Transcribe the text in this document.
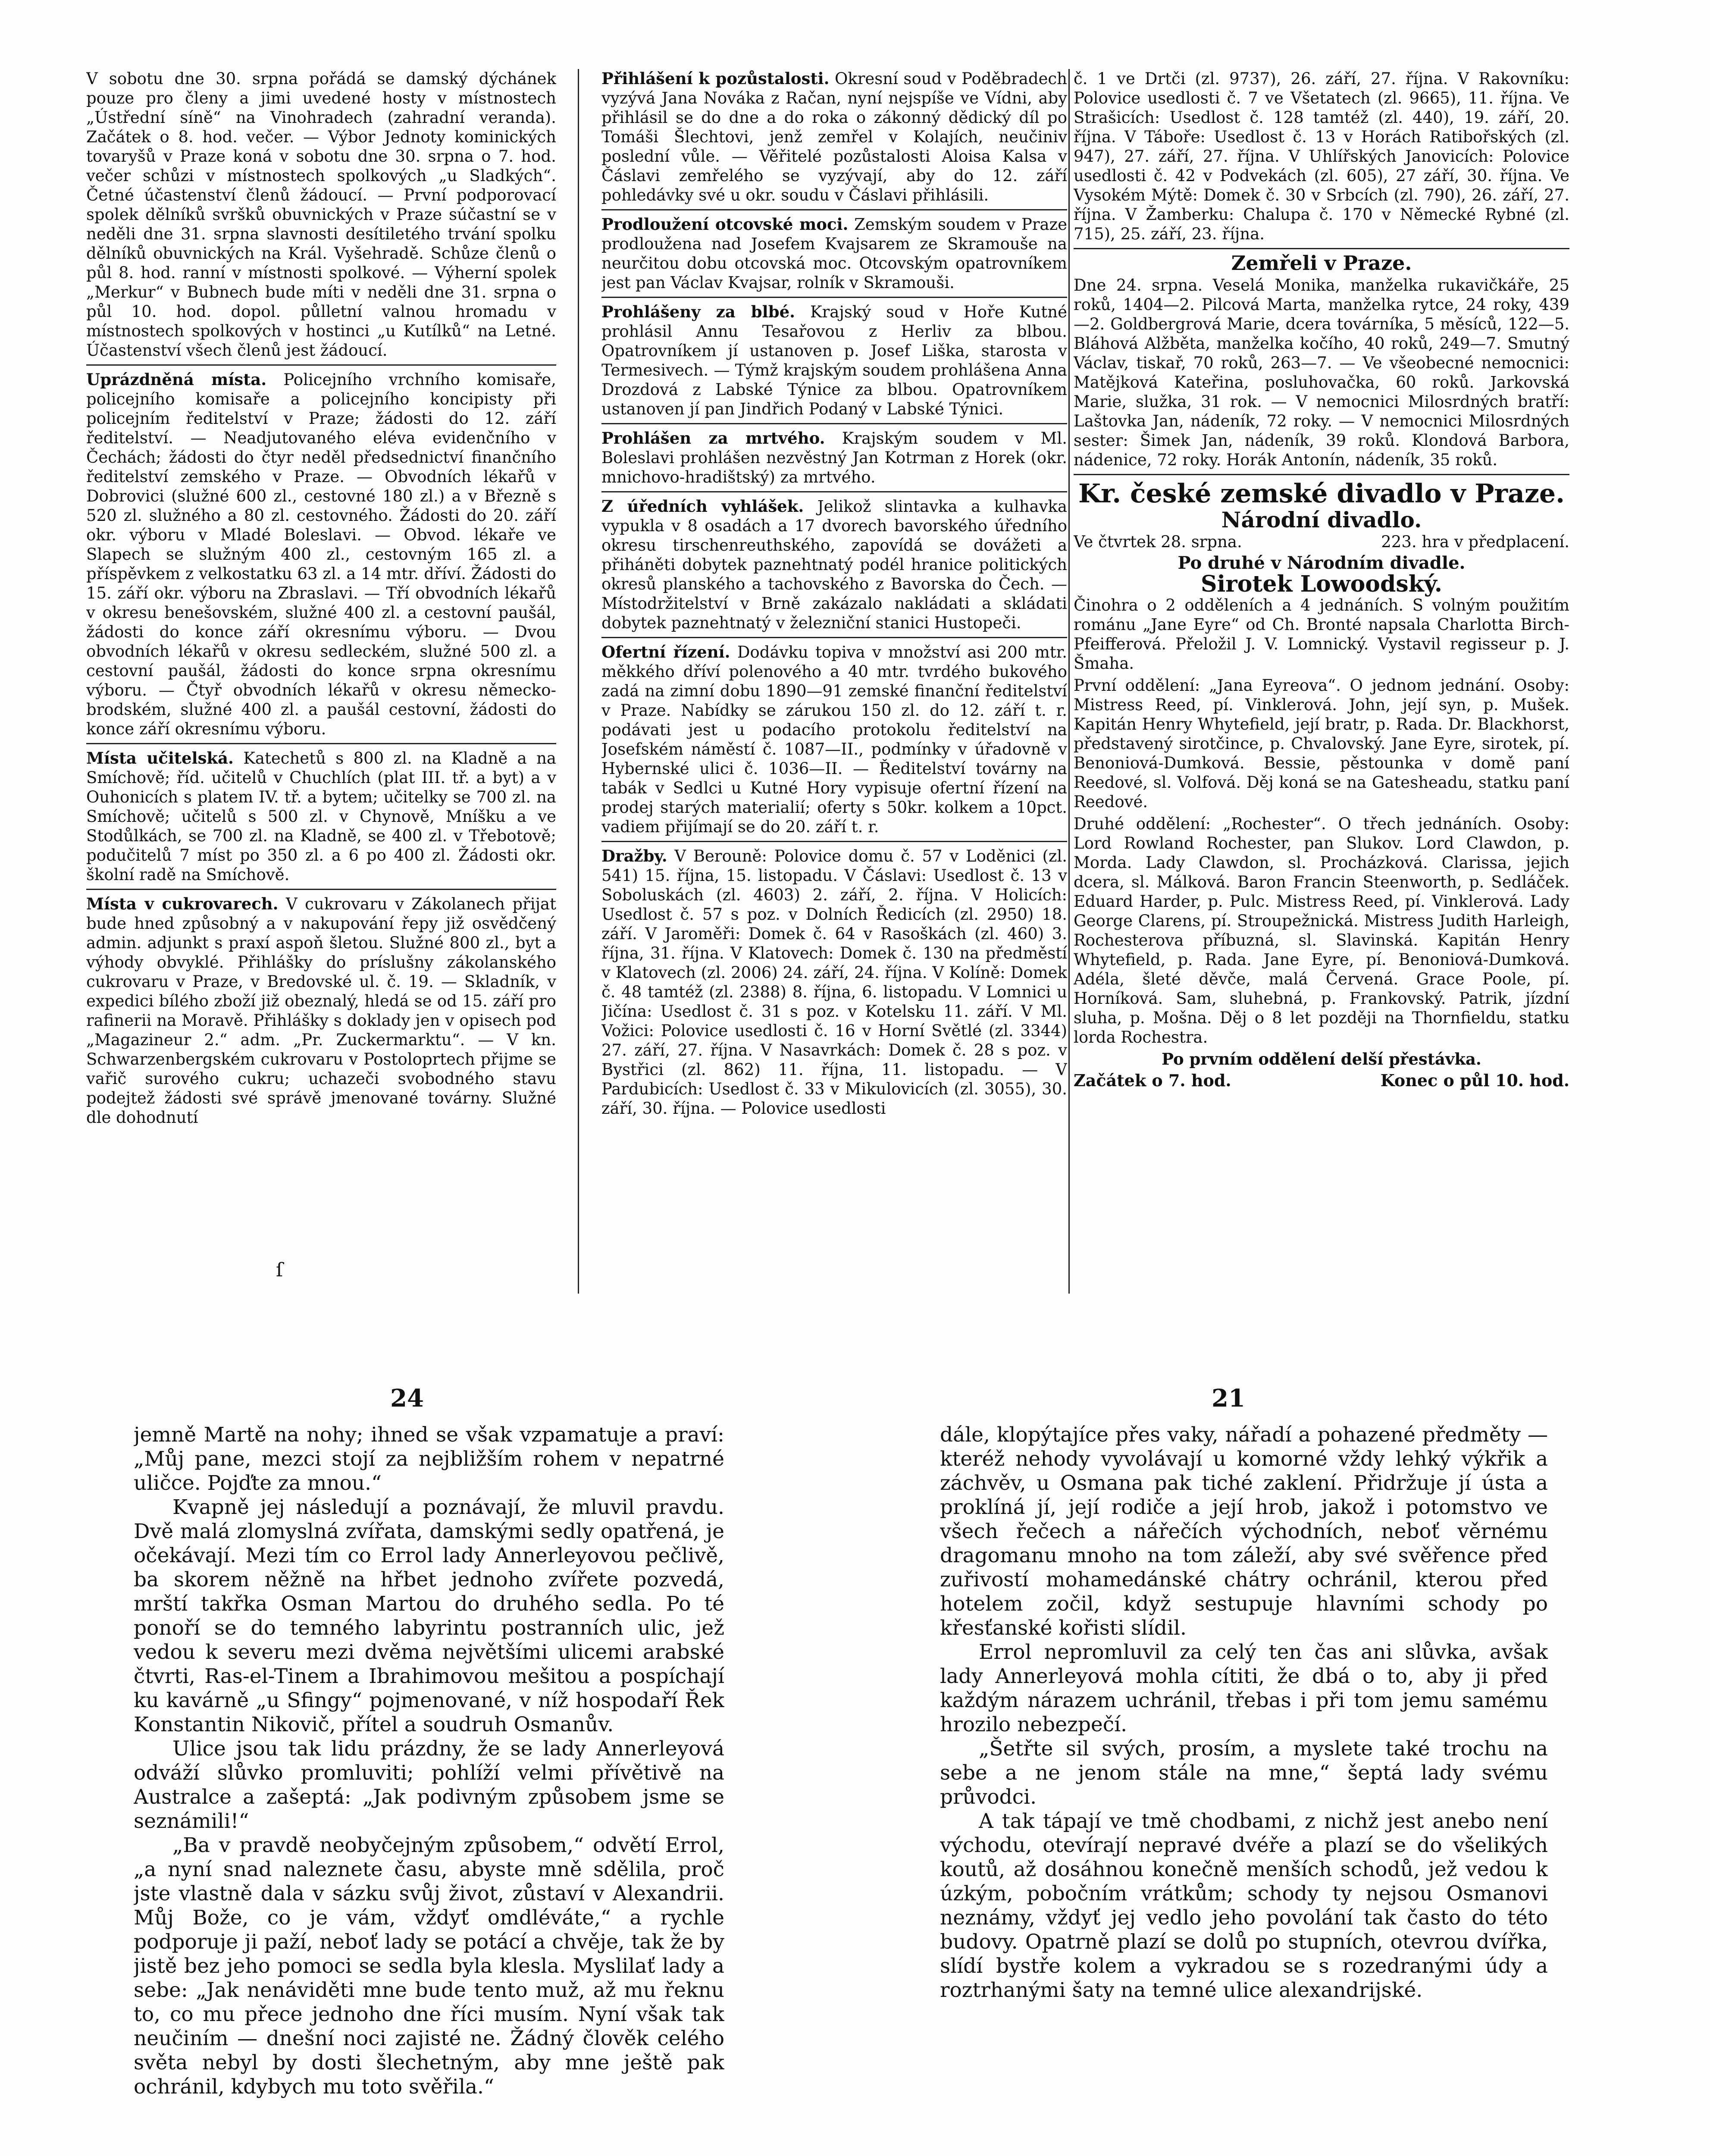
V sobotu dne 30. srpna pořádá se damský dýchánek pouze pro členy a jimi uvedené hosty v místnostech „Ústřední síně“ na Vinohradech (zahradní veranda). Začátek o 8. hod. večer. — Výbor Jednoty kominických tovaryšů v Praze koná v sobotu dne 30. srpna o 7. hod. večer schůzi v místnostech spolkových „u Sladkých“. Četné účastenství členů žádoucí. — První podporovací spolek dělníků svršků obuvnických v Praze súčastní se v neděli dne 31. srpna slavnosti desítiletého trvání spolku dělníků obuvnických na Král. Vyšehradě. Schůze členů o půl 8. hod. ranní v místnosti spolkové. — Výherní spolek „Merkur“ v Bubnech bude míti v neděli dne 31. srpna o půl 10. hod. dopol. půlletní valnou hromadu v místnostech spolkových v hostinci „u Kutílků“ na Letné. Účastenství všech členů jest žádoucí.

Uprázdněná místa. Policejního vrchního komisaře, policejního komisaře a policejního koncipisty při policejním ředitelství v Praze; žádosti do 12. září ředitelství. — Neadjutovaného eléva evidenčního v Čechách; žádosti do čtyr neděl předsednictví finančního ředitelství zemského v Praze. — Obvodních lékařů v Dobrovici (služné 600 zl., cestovné 180 zl.) a v Březně s 520 zl. služného a 80 zl. cestovného. Žádosti do 20. září okr. výboru v Mladé Boleslavi. — Obvod. lékaře ve Slapech se služným 400 zl., cestovným 165 zl. a příspěvkem z velkostatku 63 zl. a 14 mtr. dříví. Žádosti do 15. září okr. výboru na Zbraslavi. — Tří obvodních lékařů v okresu benešovském, služné 400 zl. a cestovní paušál, žádosti do konce září okresnímu výboru. — Dvou obvodních lékařů v okresu sedleckém, služné 500 zl. a cestovní paušál, žádosti do konce srpna okresnímu výboru. — Čtyř obvodních lékařů v okresu německo-brodském, služné 400 zl. a paušál cestovní, žádosti do konce září okresnímu výboru.

Místa učitelská. Katechetů s 800 zl. na Kladně a na Smíchově; říd. učitelů v Chuchlích (plat III. tř. a byt) a v Ouhonicích s platem IV. tř. a bytem; učitelky se 700 zl. na Smíchově; učitelů s 500 zl. v Chynově, Mníšku a ve Stodůlkách, se 700 zl. na Kladně, se 400 zl. v Třebotově; podučitelů 7 míst po 350 zl. a 6 po 400 zl. Žádosti okr. školní radě na Smíchově.

Místa v cukrovarech. V cukrovaru v Zákolanech přijat bude hned způsobný a v nakupování řepy již osvědčený admin. adjunkt s praxí aspoň šletou. Služné 800 zl., byt a výhody obvyklé. Přihlášky do príslušny zákolanského cukrovaru v Praze, v Bredovské ul. č. 19. — Skladník, v expedici bílého zboží již obeznalý, hledá se od 15. září pro rafinerii na Moravě. Přihlášky s doklady jen v opisech pod „Magazineur 2.“ adm. „Pr. Zuckermarktu“. — V kn. Schwarzenbergském cukrovaru v Postoloprtech přijme se vařič surového cukru; uchazeči svobodného stavu podejtež žádosti své správě jmenované továrny. Služné dle dohodnutí

Přihlášení k pozůstalosti. Okresní soud v Poděbradech vyzývá Jana Nováka z Račan, nyní nejspíše ve Vídni, aby přihlásil se do dne a do roka o zákonný dědický díl po Tomáši Šlechtovi, jenž zemřel v Kolajích, neučiniv poslední vůle. — Věřitelé pozůstalosti Aloisa Kalsa v Čáslavi zemřelého se vyzývají, aby do 12. září pohledávky své u okr. soudu v Čáslavi přihlásili.

Prodloužení otcovské moci. Zemským soudem v Praze prodloužena nad Josefem Kvajsarem ze Skramouše na neurčitou dobu otcovská moc. Otcovským opatrovníkem jest pan Václav Kvajsar, rolník v Skramouši.

Prohlášeny za blbé. Krajský soud v Hoře Kutné prohlásil Annu Tesařovou z Herliv za blbou. Opatrovníkem jí ustanoven p. Josef Liška, starosta v Termesivech. — Týmž krajským soudem prohlášena Anna Drozdová z Labské Týnice za blbou. Opatrovníkem ustanoven jí pan Jindřich Podaný v Labské Týnici.

Prohlášen za mrtvého. Krajským soudem v Ml. Boleslavi prohlášen nezvěstný Jan Kotrman z Horek (okr. mnichovo-hradištský) za mrtvého.

Z úředních vyhlášek. Jelikož slintavka a kulhavka vypukla v 8 osadách a 17 dvorech bavorského úředního okresu tirschenreuthského, zapovídá se dovážeti a přiháněti dobytek paznehtnatý podél hranice politických okresů planského a tachovského z Bavorska do Čech. — Místodržitelství v Brně zakázalo nakládati a skládati dobytek paznehtnatý v železniční stanici Hustopeči.

Ofertní řízení. Dodávku topiva v množství asi 200 mtr. měkkého dříví polenového a 40 mtr. tvrdého bukového zadá na zimní dobu 1890—91 zemské finanční ředitelství v Praze. Nabídky se zárukou 150 zl. do 12. září t. r. podávati jest u podacího protokolu ředitelství na Josefském náměstí č. 1087—II., podmínky v úřadovně v Hybernské ulici č. 1036—II. — Ředitelství továrny na tabák v Sedlci u Kutné Hory vypisuje ofertní řízení na prodej starých materialií; oferty s 50kr. kolkem a 10pct. vadiem přijímají se do 20. září t. r.

Dražby. V Berouně: Polovice domu č. 57 v Loděnici (zl. 541) 15. října, 15. listopadu. V Čáslavi: Usedlost č. 13 v Soboluskách (zl. 4603) 2. září, 2. října. V Holicích: Usedlost č. 57 s poz. v Dolních Ředicích (zl. 2950) 18. září. V Jaroměři: Domek č. 64 v Rasoškách (zl. 460) 3. října, 31. října. V Klatovech: Domek č. 130 na předměstí v Klatovech (zl. 2006) 24. září, 24. října. V Kolíně: Domek č. 48 tamtéž (zl. 2388) 8. října, 6. listopadu. V Lomnici u Jičína: Usedlost č. 31 s poz. v Kotelsku 11. září. V Ml. Vožici: Polovice usedlosti č. 16 v Horní Světlé (zl. 3344) 27. září, 27. října. V Nasavrkách: Domek č. 28 s poz. v Bystřici (zl. 862) 11. října, 11. listopadu. — V Pardubicích: Usedlost č. 33 v Mikulovicích (zl. 3055), 30. září, 30. října. — Polovice usedlosti

č. 1 ve Drtči (zl. 9737), 26. září, 27. října. V Rakovníku: Polovice usedlosti č. 7 ve Všetatech (zl. 9665), 11. října. Ve Strašicích: Usedlost č. 128 tamtéž (zl. 440), 19. září, 20. října. V Táboře: Usedlost č. 13 v Horách Ratibořských (zl. 947), 27. září, 27. října. V Uhlířských Janovicích: Polovice usedlosti č. 42 v Podvekách (zl. 605), 27 září, 30. října. Ve Vysokém Mýtě: Domek č. 30 v Srbcích (zl. 790), 26. září, 27. října. V Žamberku: Chalupa č. 170 v Německé Rybné (zl. 715), 25. září, 23. října.

Zemřeli v Praze.

Dne 24. srpna. Veselá Monika, manželka rukavičkáře, 25 roků, 1404—2. Pilcová Marta, manželka rytce, 24 roky, 439—2. Goldbergrová Marie, dcera továrníka, 5 měsíců, 122—5. Bláhová Alžběta, manželka kočího, 40 roků, 249—7. Smutný Václav, tiskař, 70 roků, 263—7. — Ve všeobecné nemocnici: Matějková Kateřina, posluhovačka, 60 roků. Jarkovská Marie, služka, 31 rok. — V nemocnici Milosrdných bratří: Laštovka Jan, nádeník, 72 roky. — V nemocnici Milosrdných sester: Šimek Jan, nádeník, 39 roků. Klondová Barbora, nádenice, 72 roky. Horák Antonín, nádeník, 35 roků.

Kr. české zemské divadlo v Praze.
Národní divadlo.
Ve čtvrtek 28. srpna.	223. hra v předplacení.
Po druhé v Národním divadle.
Sirotek Lowoodský.

Činohra o 2 odděleních a 4 jednáních. S volným použitím románu „Jane Eyre“ od Ch. Bronté napsala Charlotta Birch-Pfeifferová. Přeložil J. V. Lomnický. Vystavil regisseur p. J. Šmaha.

První oddělení: „Jana Eyreova“. O jednom jednání. Osoby: Mistress Reed, pí. Vinklerová. John, její syn, p. Mušek. Kapitán Henry Whytefield, její bratr, p. Rada. Dr. Blackhorst, představený sirotčince, p. Chvalovský. Jane Eyre, sirotek, pí. Benoniová-Dumková. Bessie, pěstounka v domě paní Reedové, sl. Volfová. Děj koná se na Gatesheadu, statku paní Reedové.

Druhé oddělení: „Rochester“. O třech jednáních. Osoby: Lord Rowland Rochester, pan Slukov. Lord Clawdon, p. Morda. Lady Clawdon, sl. Procházková. Clarissa, jejich dcera, sl. Málková. Baron Francin Steenworth, p. Sedláček. Eduard Harder, p. Pulc. Mistress Reed, pí. Vinklerová. Lady George Clarens, pí. Stroupežnická. Mistress Judith Harleigh, Rochesterova příbuzná, sl. Slavinská. Kapitán Henry Whytefield, p. Rada. Jane Eyre, pí. Benoniová-Dumková. Adéla, šleté děvče, malá Červená. Grace Poole, pí. Horníková. Sam, sluhebná, p. Frankovský. Patrik, jízdní sluha, p. Mošna. Děj o 8 let později na Thornfieldu, statku lorda Rochestra.

Po prvním oddělení delší přestávka.
Začátek o 7. hod.	Konec o půl 10. hod.
ſ
24	21

jemně Martě na nohy; ihned se však vzpamatuje a praví: „Můj pane, mezci stojí za nejbližším rohem v nepatrné uličce. Pojďte za mnou.“

Kvapně jej následují a poznávají, že mluvil pravdu. Dvě malá zlomyslná zvířata, damskými sedly opatřená, je očekávají. Mezi tím co Errol lady Annerleyovou pečlivě, ba skorem něžně na hřbet jednoho zvířete pozvedá, mrští takřka Osman Martou do druhého sedla. Po té ponoří se do temného labyrintu postranních ulic, jež vedou k severu mezi dvěma největšími ulicemi arabské čtvrti, Ras-el-Tinem a Ibrahimovou mešitou a pospíchají ku kavárně „u Sfingy“ pojmenované, v níž hospodaří Řek Konstantin Nikovič, přítel a soudruh Osmanův.

Ulice jsou tak lidu prázdny, že se lady Annerleyová odváží slůvko promluviti; pohlíží velmi přívětivě na Australce a zašeptá: „Jak podivným způsobem jsme se seznámili!“

„Ba v pravdě neobyčejným způsobem,“ odvětí Errol, „a nyní snad naleznete času, abyste mně sdělila, proč jste vlastně dala v sázku svůj život, zůstaví v Alexandrii. Můj Bože, co je vám, vždyť omdléváte,“ a rychle podporuje ji paží, neboť lady se potácí a chvěje, tak že by jistě bez jeho pomoci se sedla byla klesla. Myslilať lady a sebe: „Jak nenáviděti mne bude tento muž, až mu řeknu to, co mu přece jednoho dne říci musím. Nyní však tak neučiním — dnešní noci zajisté ne. Žádný člověk celého světa nebyl by dosti šlechetným, aby mne ještě pak ochránil, kdybych mu toto svěřila.“

dále, klopýtajíce přes vaky, nářadí a pohazené předměty — kteréž nehody vyvolávají u komorné vždy lehký výkřik a záchvěv, u Osmana pak tiché zaklení. Přidržuje jí ústa a proklíná jí, její rodiče a její hrob, jakož i potomstvo ve všech řečech a nářečích východních, neboť věrnému dragomanu mnoho na tom záleží, aby své svěřence před zuřivostí mohamedánské chátry ochránil, kterou před hotelem zočil, když sestupuje hlavními schody po křesťanské kořisti slídil.

Errol nepromluvil za celý ten čas ani slůvka, avšak lady Annerleyová mohla cítiti, že dbá o to, aby ji před každým nárazem uchránil, třebas i při tom jemu samému hrozilo nebezpečí.

„Šetřte sil svých, prosím, a myslete také trochu na sebe a ne jenom stále na mne,“ šeptá lady svému průvodci.

A tak tápají ve tmě chodbami, z nichž jest anebo není východu, otevírají nepravé dvéře a plazí se do všelikých koutů, až dosáhnou konečně menších schodů, jež vedou k úzkým, pobočním vrátkům; schody ty nejsou Osmanovi neznámy, vždyť jej vedlo jeho povolání tak často do této budovy. Opatrně plazí se dolů po stupních, otevrou dvířka, slídí bystře kolem a vykradou se s rozedranými údy a roztrhanými šaty na temné ulice alexandrijské.
